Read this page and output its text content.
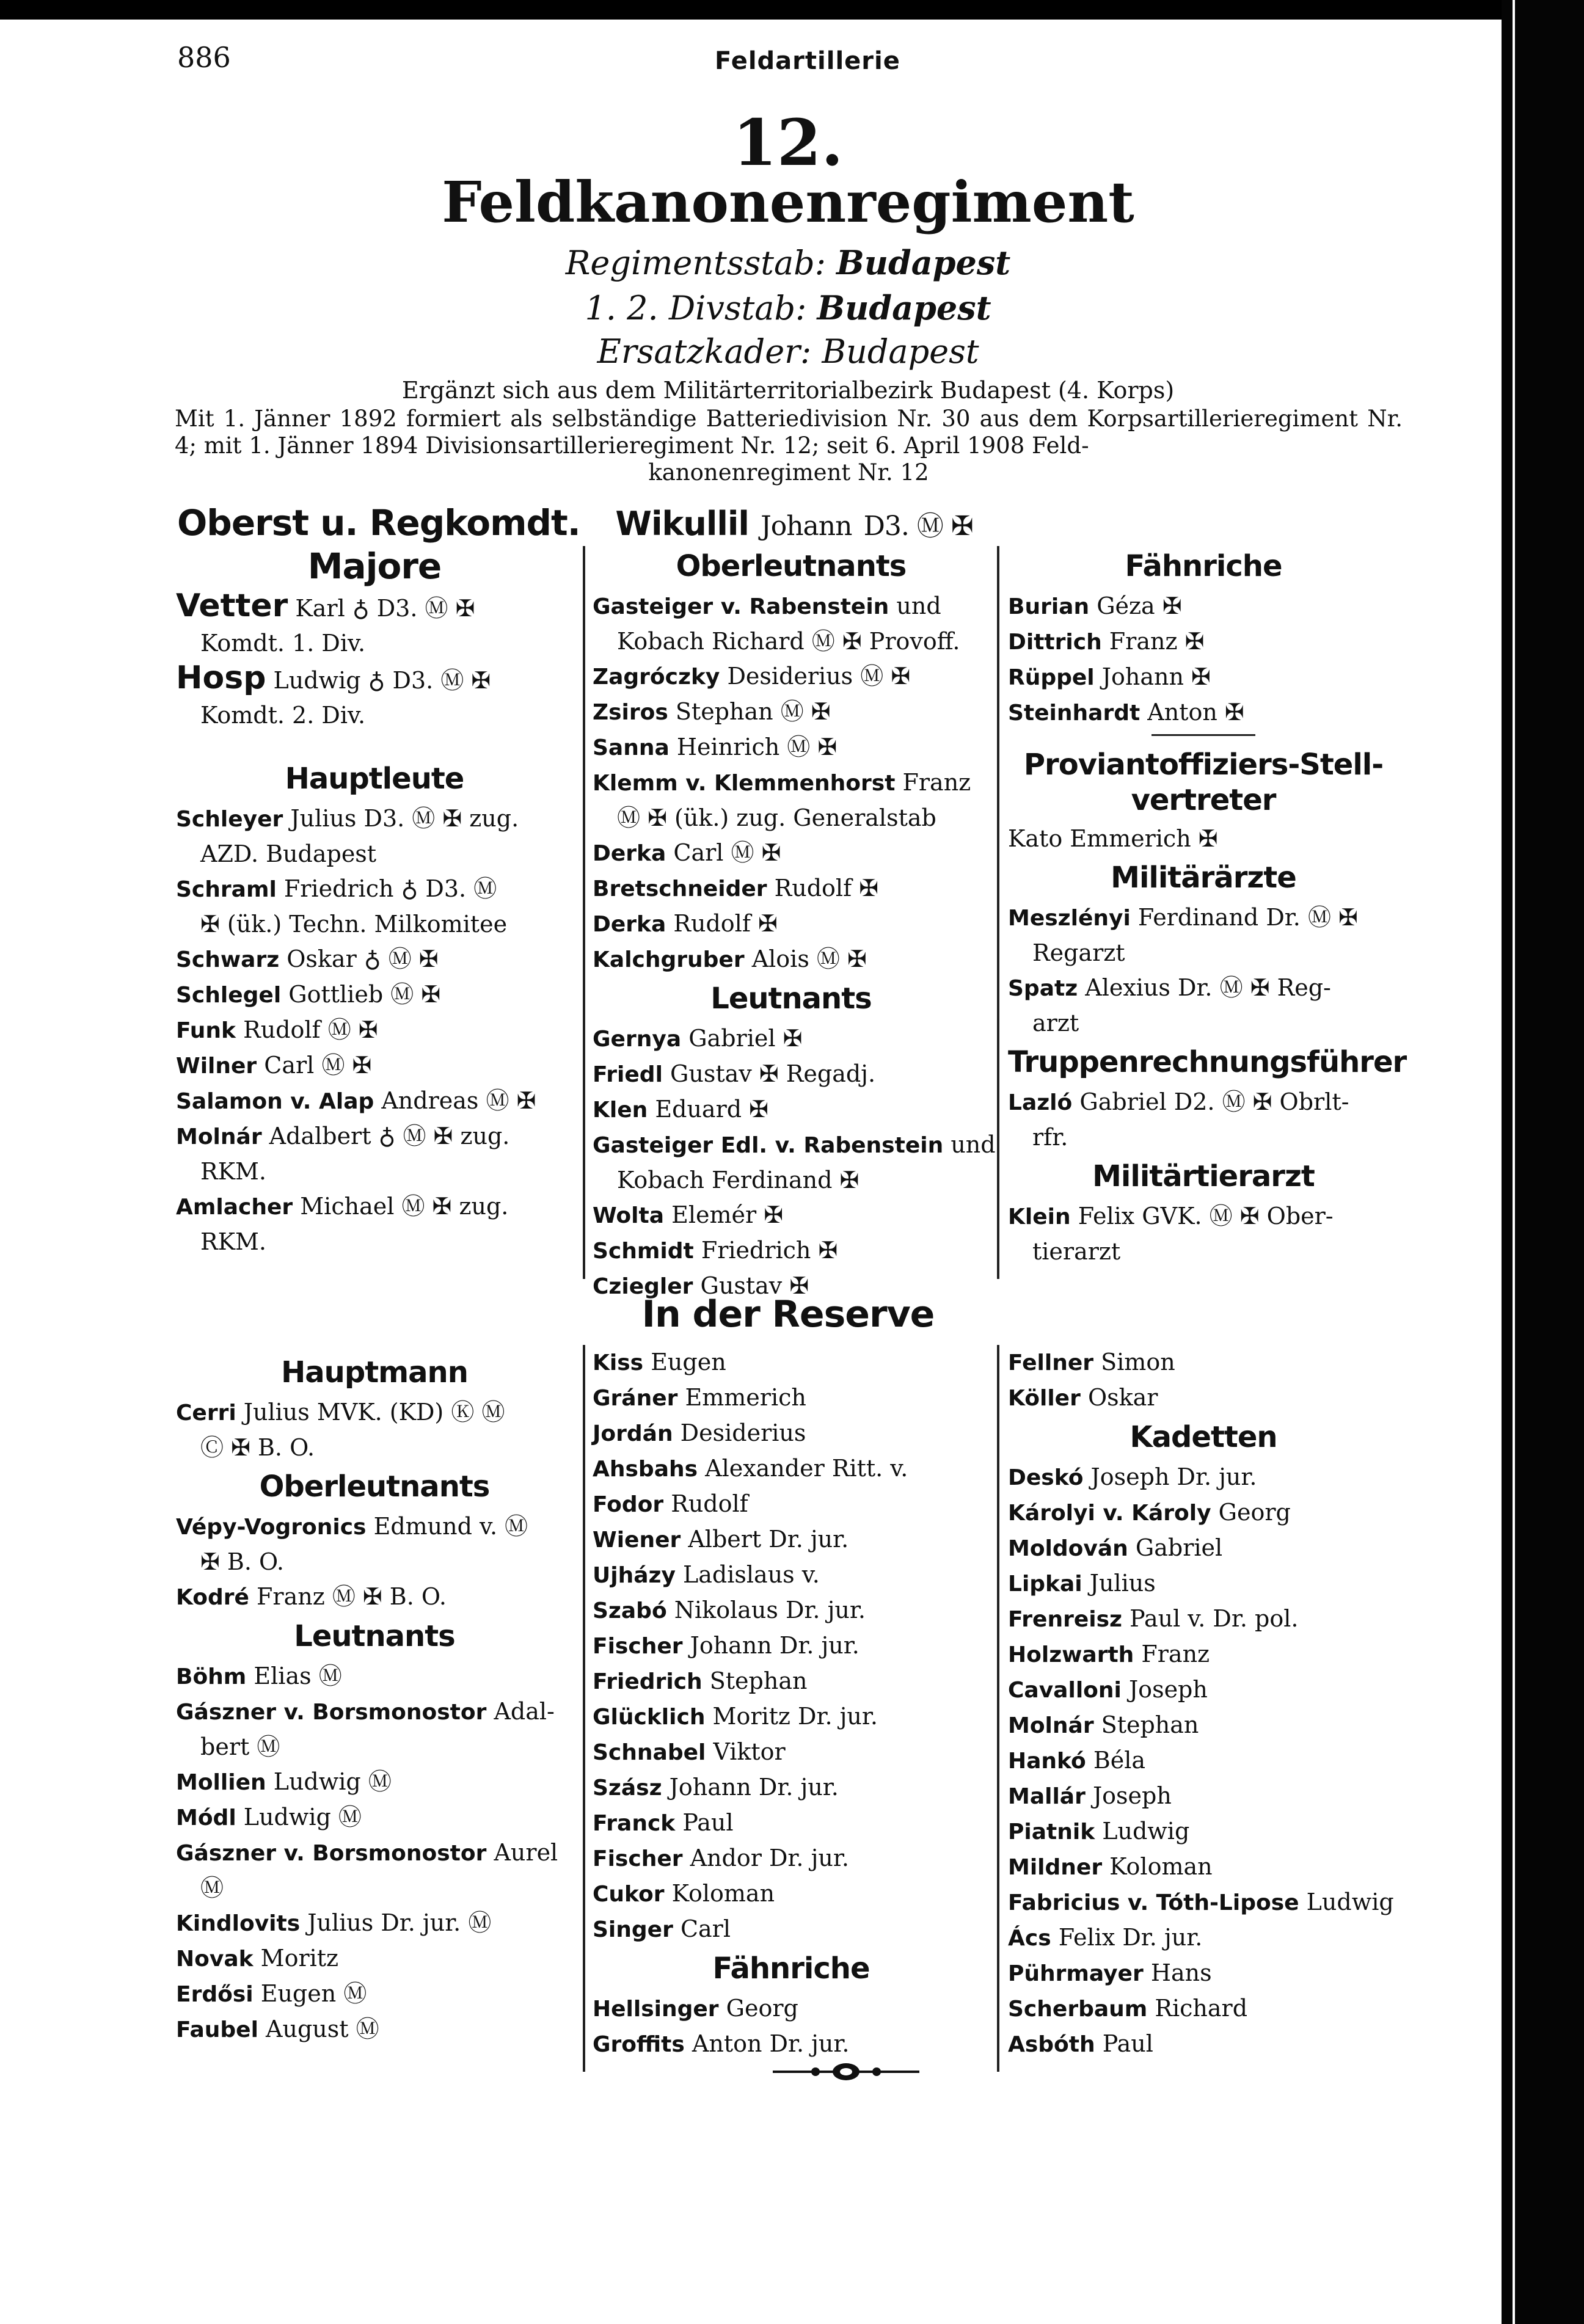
886	Feldartillerie
12.
Feldkanonenregiment
Regimentsstab: Budapest
1. 2. Divstab: Budapest
Ersatzkader: Budapest
Ergänzt sich aus dem Militärterritorialbezirk Budapest (4. Korps)
Mit 1. Jänner 1892 formiert als selbständige Batteriedivision Nr. 30 aus dem Korpsartillerieregiment Nr. 4; mit 1. Jänner 1894 Divisionsartillerieregiment Nr. 12; seit 6. April 1908 Feld-
kanonenregiment Nr. 12
Oberst u. Regkomdt. Wikullil Johann D3. Ⓜ ✠
Majore
Vetter Karl ♁ D3. Ⓜ ✠
Komdt. 1. Div.
Hosp Ludwig ♁ D3. Ⓜ ✠
Komdt. 2. Div.
Hauptleute
Schleyer Julius D3. Ⓜ ✠ zug.
AZD. Budapest
Schraml Friedrich ♁ D3. Ⓜ
✠ (ük.) Techn. Milkomitee
Schwarz Oskar ♁ Ⓜ ✠
Schlegel Gottlieb Ⓜ ✠
Funk Rudolf Ⓜ ✠
Wilner Carl Ⓜ ✠
Salamon v. Alap Andreas Ⓜ ✠
Molnár Adalbert ♁ Ⓜ ✠ zug.
RKM.
Amlacher Michael Ⓜ ✠ zug.
RKM.
Oberleutnants
Gasteiger v. Rabenstein und
Kobach Richard Ⓜ ✠ Provoff.
Zagróczky Desiderius Ⓜ ✠
Zsiros Stephan Ⓜ ✠
Sanna Heinrich Ⓜ ✠
Klemm v. Klemmenhorst Franz
Ⓜ ✠ (ük.) zug. Generalstab
Derka Carl Ⓜ ✠
Bretschneider Rudolf ✠
Derka Rudolf ✠
Kalchgruber Alois Ⓜ ✠
Leutnants
Gernya Gabriel ✠
Friedl Gustav ✠ Regadj.
Klen Eduard ✠
Gasteiger Edl. v. Rabenstein und
Kobach Ferdinand ✠
Wolta Elemér ✠
Schmidt Friedrich ✠
Cziegler Gustav ✠
Fähnriche
Burian Géza ✠
Dittrich Franz ✠
Rüppel Johann ✠
Steinhardt Anton ✠
Proviantoffiziers-Stell-
vertreter
Kato Emmerich ✠
Militärärzte
Meszlényi Ferdinand Dr. Ⓜ ✠
Regarzt
Spatz Alexius Dr. Ⓜ ✠ Reg-
arzt
Truppenrechnungsführer
Lazló Gabriel D2. Ⓜ ✠ Obrlt-
rfr.
Militärtierarzt
Klein Felix GVK. Ⓜ ✠ Ober-
tierarzt
In der Reserve
Hauptmann
Cerri Julius MVK. (KD) Ⓚ Ⓜ
Ⓒ ✠ B. O.
Oberleutnants
Vépy-Vogronics Edmund v. Ⓜ
✠ B. O.
Kodré Franz Ⓜ ✠ B. O.
Leutnants
Böhm Elias Ⓜ
Gászner v. Borsmonostor Adal-
bert Ⓜ
Mollien Ludwig Ⓜ
Módl Ludwig Ⓜ
Gászner v. Borsmonostor Aurel
Ⓜ
Kindlovits Julius Dr. jur. Ⓜ
Novak Moritz
Erdősi Eugen Ⓜ
Faubel August Ⓜ
Kiss Eugen
Gráner Emmerich
Jordán Desiderius
Ahsbahs Alexander Ritt. v.
Fodor Rudolf
Wiener Albert Dr. jur.
Ujházy Ladislaus v.
Szabó Nikolaus Dr. jur.
Fischer Johann Dr. jur.
Friedrich Stephan
Glücklich Moritz Dr. jur.
Schnabel Viktor
Szász Johann Dr. jur.
Franck Paul
Fischer Andor Dr. jur.
Cukor Koloman
Singer Carl
Fähnriche
Hellsinger Georg
Groffits Anton Dr. jur.
Fellner Simon
Köller Oskar
Kadetten
Deskó Joseph Dr. jur.
Károlyi v. Károly Georg
Moldován Gabriel
Lipkai Julius
Frenreisz Paul v. Dr. pol.
Holzwarth Franz
Cavalloni Joseph
Molnár Stephan
Hankó Béla
Mallár Joseph
Piatnik Ludwig
Mildner Koloman
Fabricius v. Tóth-Lipose Ludwig
Ács Felix Dr. jur.
Pührmayer Hans
Scherbaum Richard
Asbóth Paul
